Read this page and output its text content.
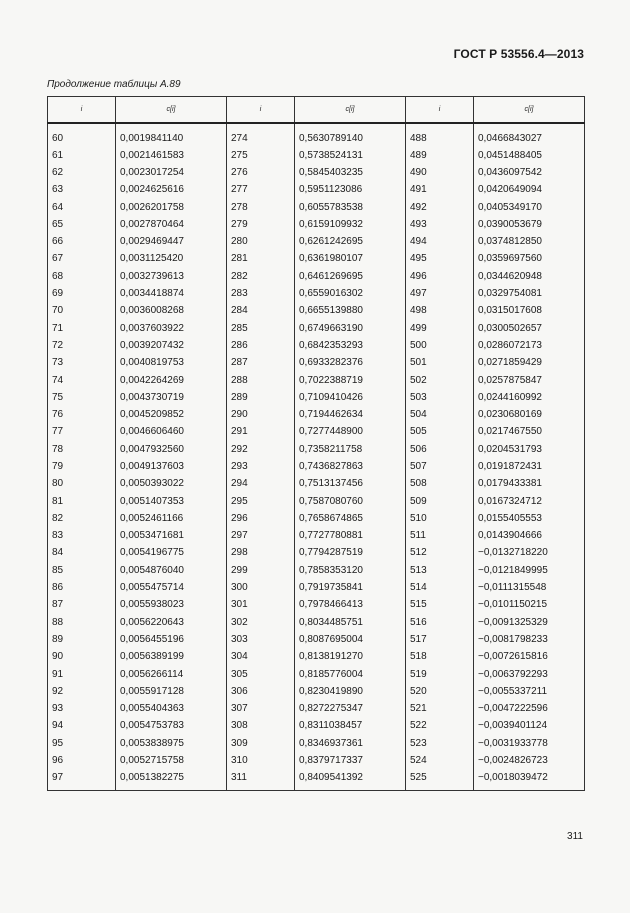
ГОСТ Р 53556.4—2013
Продолжение таблицы А.89
i	c[i]	i	c[i]	i	c[i]
60	0,0019841140	274	0,5630789140	488	0,0466843027
61	0,0021461583	275	0,5738524131	489	0,0451488405
62	0,0023017254	276	0,5845403235	490	0,0436097542
63	0,0024625616	277	0,5951123086	491	0,0420649094
64	0,0026201758	278	0,6055783538	492	0,0405349170
65	0,0027870464	279	0,6159109932	493	0,0390053679
66	0,0029469447	280	0,6261242695	494	0,0374812850
67	0,0031125420	281	0,6361980107	495	0,0359697560
68	0,0032739613	282	0,6461269695	496	0,0344620948
69	0,0034418874	283	0,6559016302	497	0,0329754081
70	0,0036008268	284	0,6655139880	498	0,0315017608
71	0,0037603922	285	0,6749663190	499	0,0300502657
72	0,0039207432	286	0,6842353293	500	0,0286072173
73	0,0040819753	287	0,6933282376	501	0,0271859429
74	0,0042264269	288	0,7022388719	502	0,0257875847
75	0,0043730719	289	0,7109410426	503	0,0244160992
76	0,0045209852	290	0,7194462634	504	0,0230680169
77	0,0046606460	291	0,7277448900	505	0,0217467550
78	0,0047932560	292	0,7358211758	506	0,0204531793
79	0,0049137603	293	0,7436827863	507	0,0191872431
80	0,0050393022	294	0,7513137456	508	0,0179433381
81	0,0051407353	295	0,7587080760	509	0,0167324712
82	0,0052461166	296	0,7658674865	510	0,0155405553
83	0,0053471681	297	0,7727780881	511	0,0143904666
84	0,0054196775	298	0,7794287519	512	−0,0132718220
85	0,0054876040	299	0,7858353120	513	−0,0121849995
86	0,0055475714	300	0,7919735841	514	−0,0111315548
87	0,0055938023	301	0,7978466413	515	−0,0101150215
88	0,0056220643	302	0,8034485751	516	−0,0091325329
89	0,0056455196	303	0,8087695004	517	−0,0081798233
90	0,0056389199	304	0,8138191270	518	−0,0072615816
91	0,0056266114	305	0,8185776004	519	−0,0063792293
92	0,0055917128	306	0,8230419890	520	−0,0055337211
93	0,0055404363	307	0,8272275347	521	−0,0047222596
94	0,0054753783	308	0,8311038457	522	−0,0039401124
95	0,0053838975	309	0,8346937361	523	−0,0031933778
96	0,0052715758	310	0,8379717337	524	−0,0024826723
97	0,0051382275	311	0,8409541392	525	−0,0018039472
311
